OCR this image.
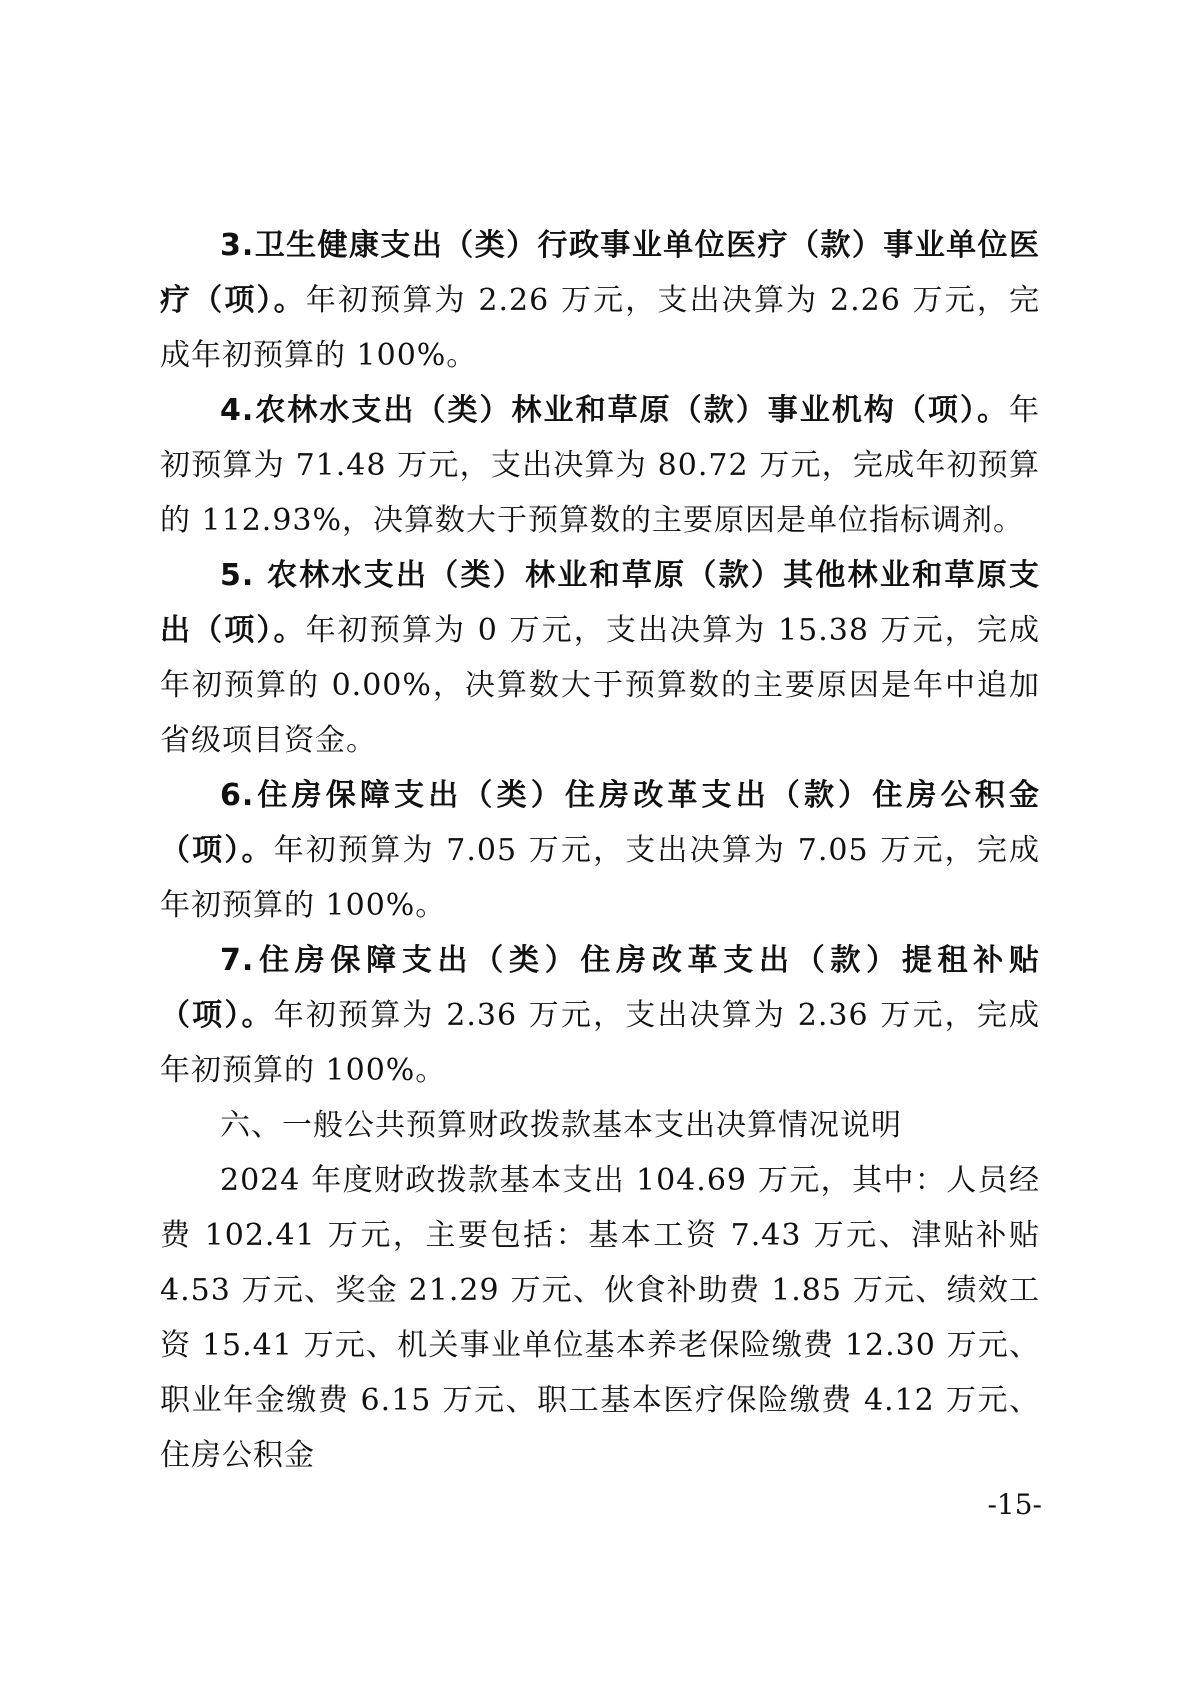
3.卫生健康支出（类）行政事业单位医疗（款）事业单位医疗（项）。年初预算为 2.26 万元，支出决算为 2.26 万元，完成年初预算的 100%。

4.农林水支出（类）林业和草原（款）事业机构（项）。年初预算为 71.48 万元，支出决算为 80.72 万元，完成年初预算的 112.93%，决算数大于预算数的主要原因是单位指标调剂。

5. 农林水支出（类）林业和草原（款）其他林业和草原支出（项）。年初预算为 0 万元，支出决算为 15.38 万元，完成年初预算的 0.00%，决算数大于预算数的主要原因是年中追加省级项目资金。

6.住房保障支出（类）住房改革支出（款）住房公积金（项）。年初预算为 7.05 万元，支出决算为 7.05 万元，完成年初预算的 100%。

7.住房保障支出（类）住房改革支出（款）提租补贴（项）。年初预算为 2.36 万元，支出决算为 2.36 万元，完成年初预算的 100%。

六、一般公共预算财政拨款基本支出决算情况说明

2024 年度财政拨款基本支出 104.69 万元，其中：人员经费 102.41 万元，主要包括：基本工资 7.43 万元、津贴补贴 4.53 万元、奖金 21.29 万元、伙食补助费 1.85 万元、绩效工资 15.41 万元、机关事业单位基本养老保险缴费 12.30 万元、职业年金缴费 6.15 万元、职工基本医疗保险缴费 4.12 万元、住房公积金

-15-
